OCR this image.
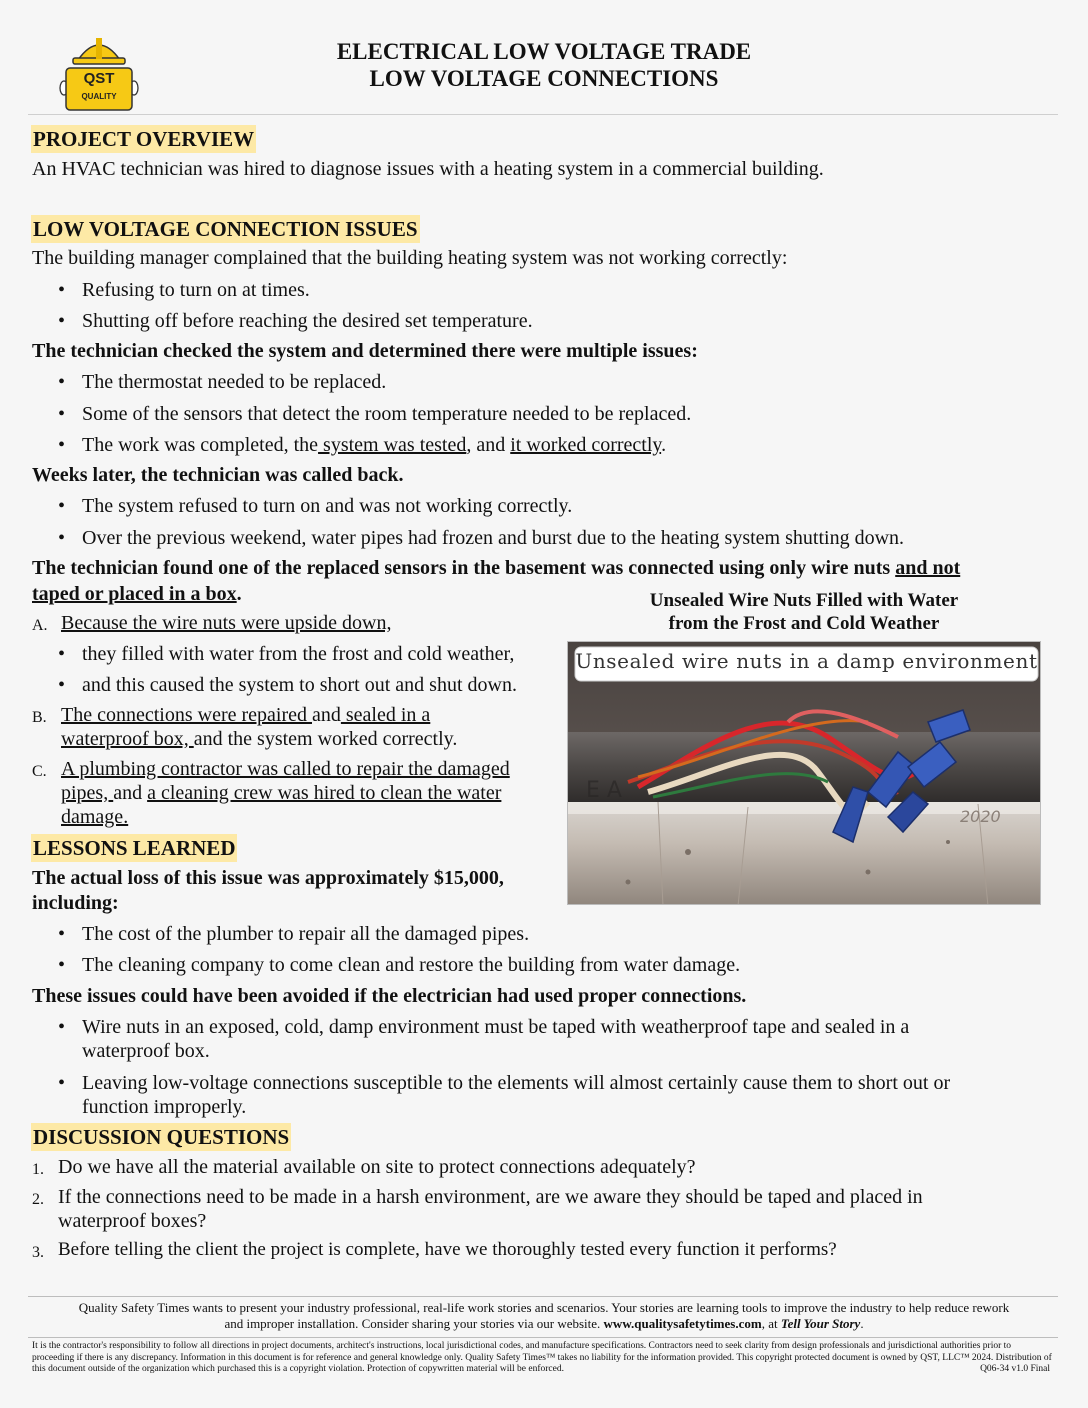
QST
QUALITY
ELECTRICAL LOW VOLTAGE TRADE
LOW VOLTAGE CONNECTIONS
PROJECT OVERVIEW
An HVAC technician was hired to diagnose issues with a heating system in a commercial building.
LOW VOLTAGE CONNECTION ISSUES
The building manager complained that the building heating system was not working correctly:
• Refusing to turn on at times.
• Shutting off before reaching the desired set temperature.
The technician checked the system and determined there were multiple issues:
• The thermostat needed to be replaced.
• Some of the sensors that detect the room temperature needed to be replaced.
• The work was completed, the system was tested, and it worked correctly.
Weeks later, the technician was called back.
• The system refused to turn on and was not working correctly.
• Over the previous weekend, water pipes had frozen and burst due to the heating system shutting down.
The technician found one of the replaced sensors in the basement was connected using only wire nuts and not
taped or placed in a box.
A. Because the wire nuts were upside down,
• they filled with water from the frost and cold weather,
• and this caused the system to short out and shut down.
B. The connections were repaired and sealed in a
waterproof box, and the system worked correctly.
C. A plumbing contractor was called to repair the damaged
pipes, and a cleaning crew was hired to clean the water
damage.
Unsealed Wire Nuts Filled with Water
from the Frost and Cold Weather
E A
2020
Unsealed wire nuts in a damp environment
LESSONS LEARNED
The actual loss of this issue was approximately $15,000,
including:
• The cost of the plumber to repair all the damaged pipes.
• The cleaning company to come clean and restore the building from water damage.
These issues could have been avoided if the electrician had used proper connections.
• Wire nuts in an exposed, cold, damp environment must be taped with weatherproof tape and sealed in a
waterproof box.
• Leaving low-voltage connections susceptible to the elements will almost certainly cause them to short out or
function improperly.
DISCUSSION QUESTIONS
1. Do we have all the material available on site to protect connections adequately?
2. If the connections need to be made in a harsh environment, are we aware they should be taped and placed in
waterproof boxes?
3. Before telling the client the project is complete, have we thoroughly tested every function it performs?
Quality Safety Times wants to present your industry professional, real-life work stories and scenarios. Your stories are learning tools to improve the industry to help reduce rework
and improper installation. Consider sharing your stories via our website. www.qualitysafetytimes.com, at Tell Your Story.
It is the contractor's responsibility to follow all directions in project documents, architect's instructions, local jurisdictional codes, and manufacture specifications. Contractors need to seek clarity from design professionals and jurisdictional authorities prior to proceeding if there is any discrepancy. Information in this document is for reference and general knowledge only. Quality Safety Times™ takes no liability for the information provided. This copyright protected document is owned by QST, LLC™ 2024. Distribution of this document outside of the organization which purchased this is a copyright violation. Protection of copywritten material will be enforced.	Q06-34 v1.0 Final
